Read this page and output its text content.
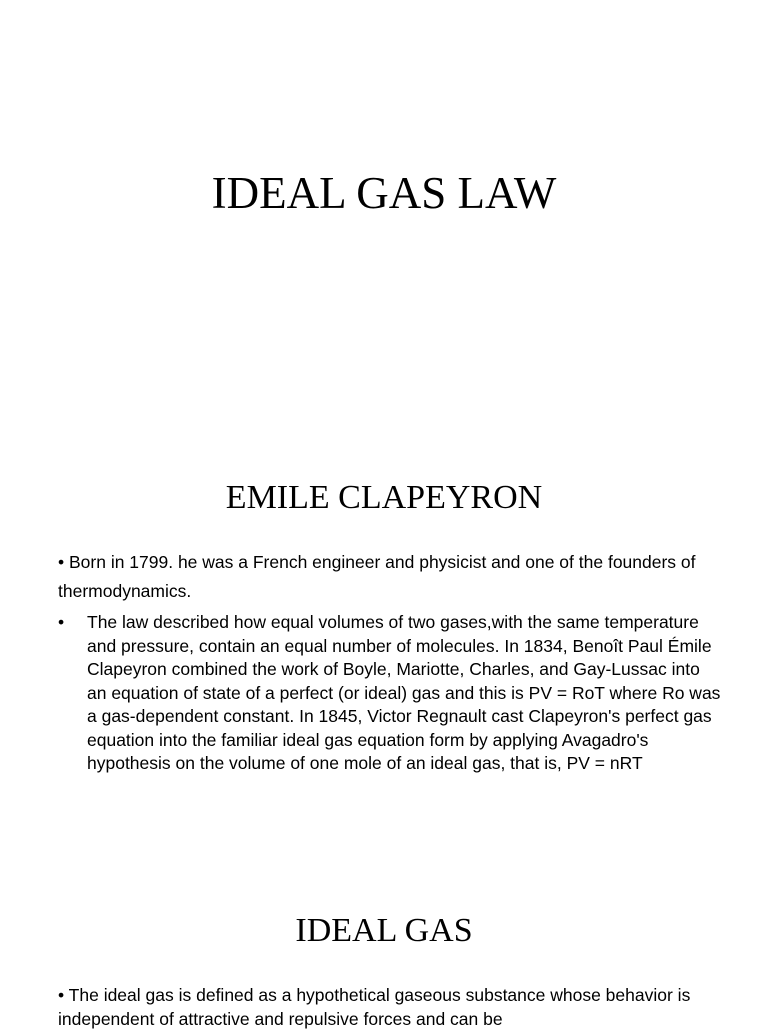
IDEAL GAS LAW
EMILE CLAPEYRON

• Born in 1799. he was a French engineer and physicist and one of the founders of thermodynamics.

•	The law described how equal volumes of two gases,with the same temperature and pressure, contain an equal number of molecules. In 1834, Benoît Paul Émile Clapeyron combined the work of Boyle, Mariotte, Charles, and Gay-Lussac into an equation of state of a perfect (or ideal) gas and this is PV = RoT where Ro was a gas-dependent constant. In 1845, Victor Regnault cast Clapeyron's perfect gas equation into the familiar ideal gas equation form by applying Avagadro's hypothesis on the volume of one mole of an ideal gas, that is, PV = nRT
IDEAL GAS

• The ideal gas is defined as a hypothetical gaseous substance whose behavior is independent of attractive and repulsive forces and can be
